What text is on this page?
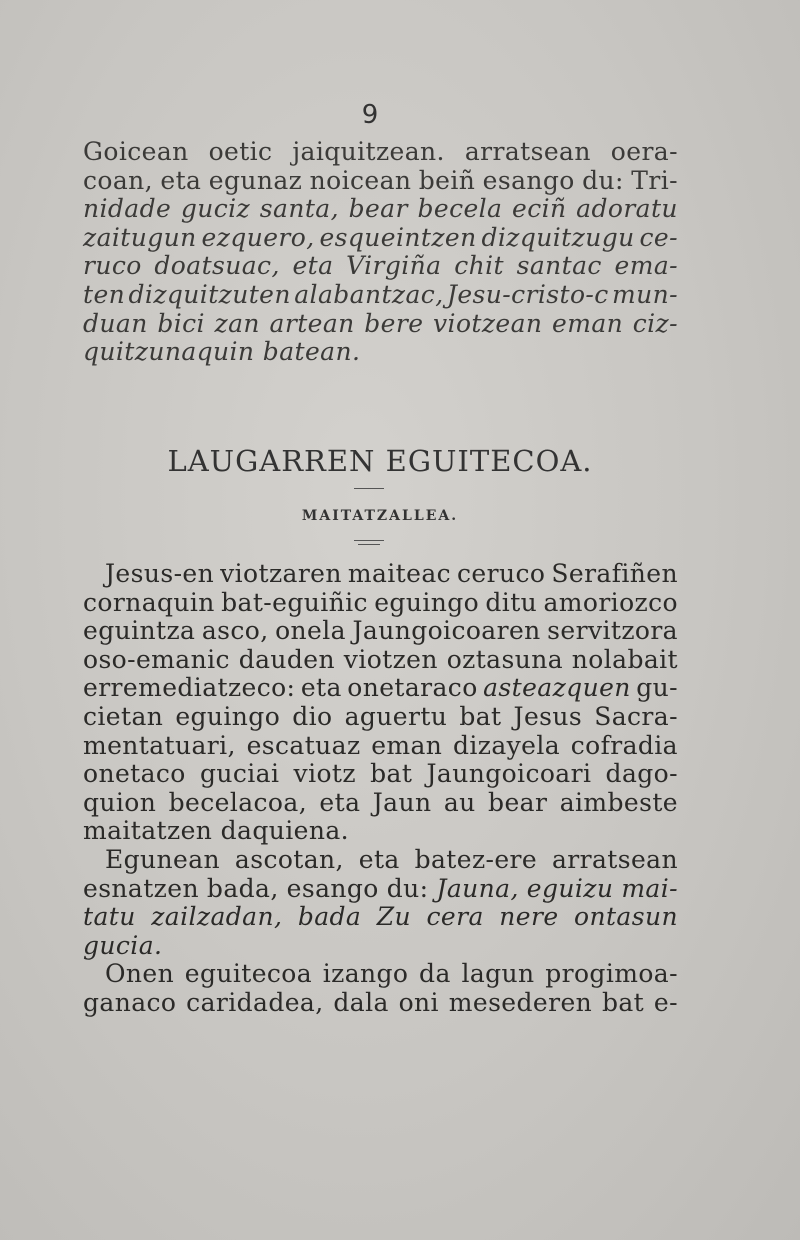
9
Goicean oetic jaiquitzean. arratsean oera-
coan, eta egunaz noicean beiñ esango du: Tri-
nidade guciz santa, bear becela eciñ adoratu
zaitugun ezquero, esqueintzen dizquitzugu ce-
ruco doatsuac, eta Virgiña chit santac ema-
ten dizquitzuten alabantzac, Jesu-cristo-c mun-
duan bici zan artean bere viotzean eman ciz-
quitzunaquin batean.
LAUGARREN EGUITECOA.
MAITATZALLEA.
Jesus-en viotzaren maiteac ceruco Serafiñen
cornaquin bat-eguiñic eguingo ditu amoriozco
eguintza asco, onela Jaungoicoaren servitzora
oso-emanic dauden viotzen oztasuna nolabait
erremediatzeco: eta onetaraco asteazquen gu-
cietan eguingo dio aguertu bat Jesus Sacra-
mentatuari, escatuaz eman dizayela cofradia
onetaco guciai viotz bat Jaungoicoari dago-
quion becelacoa, eta Jaun au bear aimbeste
maitatzen daquiena.
Egunean ascotan, eta batez-ere arratsean
esnatzen bada, esango du: Jauna, eguizu mai-
tatu zailzadan, bada Zu cera nere ontasun
gucia.
Onen eguitecoa izango da lagun progimoa-
ganaco caridadea, dala oni mesederen bat e-
